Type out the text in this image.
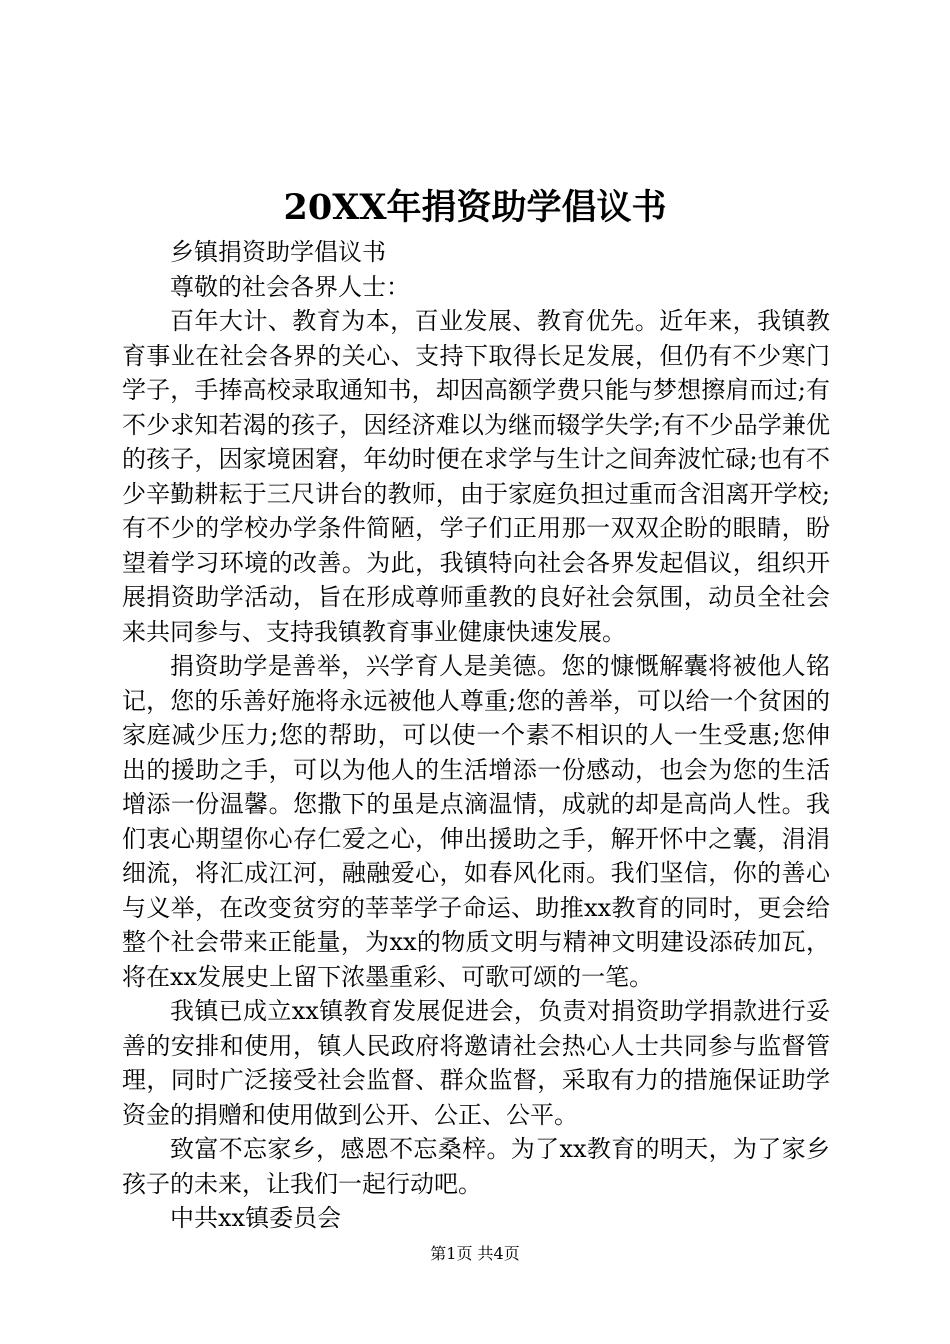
20XX年捐资助学倡议书

乡镇捐资助学倡议书

尊敬的社会各界人士：

百年大计、教育为本，百业发展、教育优先。近年来，我镇教育事业在社会各界的关心、支持下取得长足发展，但仍有不少寒门学子，手捧高校录取通知书，却因高额学费只能与梦想擦肩而过;有不少求知若渴的孩子，因经济难以为继而辍学失学;有不少品学兼优的孩子，因家境困窘，年幼时便在求学与生计之间奔波忙碌;也有不少辛勤耕耘于三尺讲台的教师，由于家庭负担过重而含泪离开学校;有不少的学校办学条件简陋，学子们正用那一双双企盼的眼睛，盼望着学习环境的改善。为此，我镇特向社会各界发起倡议，组织开展捐资助学活动，旨在形成尊师重教的良好社会氛围，动员全社会来共同参与、支持我镇教育事业健康快速发展。

捐资助学是善举，兴学育人是美德。您的慷慨解囊将被他人铭记，您的乐善好施将永远被他人尊重;您的善举，可以给一个贫困的家庭减少压力;您的帮助，可以使一个素不相识的人一生受惠;您伸出的援助之手，可以为他人的生活增添一份感动，也会为您的生活增添一份温馨。您撒下的虽是点滴温情，成就的却是高尚人性。我们衷心期望你心存仁爱之心，伸出援助之手，解开怀中之囊，涓涓细流，将汇成江河，融融爱心，如春风化雨。我们坚信，你的善心与义举，在改变贫穷的莘莘学子命运、助推xx教育的同时，更会给整个社会带来正能量，为xx的物质文明与精神文明建设添砖加瓦，将在xx发展史上留下浓墨重彩、可歌可颂的一笔。

我镇已成立xx镇教育发展促进会，负责对捐资助学捐款进行妥善的安排和使用，镇人民政府将邀请社会热心人士共同参与监督管理，同时广泛接受社会监督、群众监督，采取有力的措施保证助学资金的捐赠和使用做到公开、公正、公平。

致富不忘家乡，感恩不忘桑梓。为了xx教育的明天，为了家乡孩子的未来，让我们一起行动吧。

中共xx镇委员会

第1页 共4页
